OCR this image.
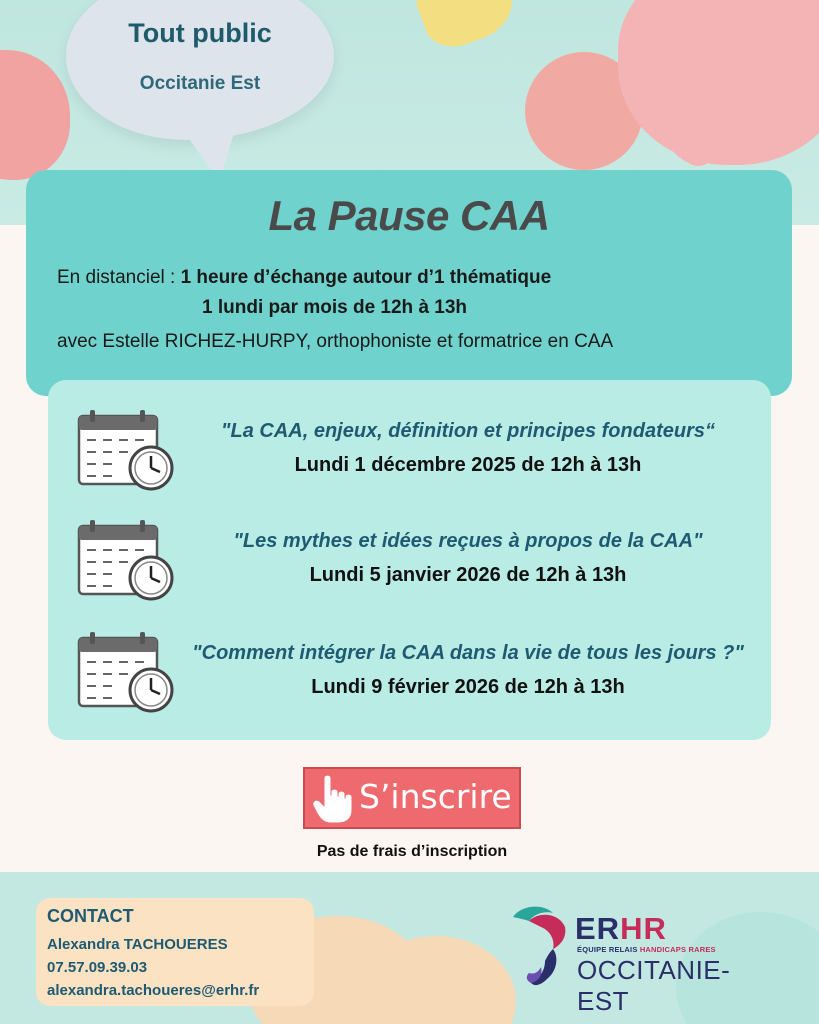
Tout public
Occitanie Est
La Pause CAA
En distanciel : 1 heure d’échange autour d’1 thématique
1 lundi par mois de 12h à 13h
avec Estelle RICHEZ-HURPY, orthophoniste et formatrice en CAA
"La CAA, enjeux, définition et principes fondateurs“
Lundi 1 décembre 2025 de 12h à 13h
"Les mythes et idées reçues à propos de la CAA"
Lundi 5 janvier 2026 de 12h à 13h
"Comment intégrer la CAA dans la vie de tous les jours ?"
Lundi 9 février 2026 de 12h à 13h
S’inscrire
Pas de frais d’inscription
CONTACT
Alexandra TACHOUERES
07.57.09.39.03
alexandra.tachoueres@erhr.fr
ERHR
ÉQUIPE RELAIS HANDICAPS RARES
OCCITANIE-EST
